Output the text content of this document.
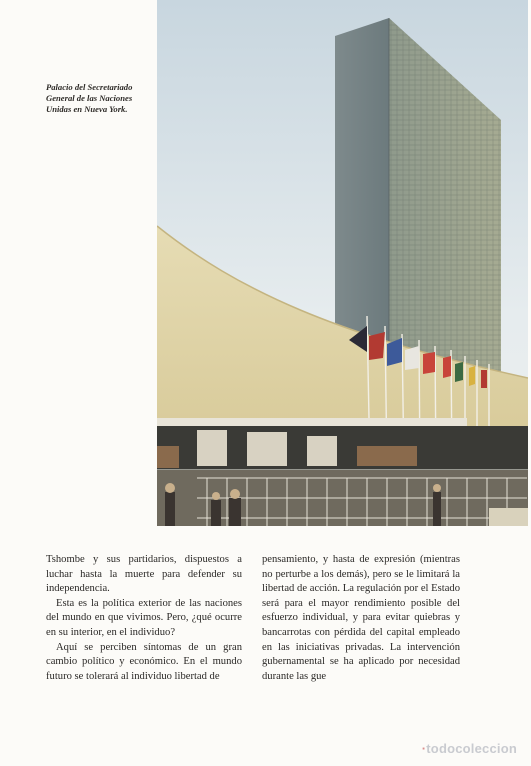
Palacio del Secretariado General de las Naciones Unidas en Nueva York.

Tshombe y sus partidarios, dispuestos a luchar hasta la muerte para defender su independencia.

Esta es la política exterior de las naciones del mundo en que vivimos. Pero, ¿qué ocurre en su interior, en el individuo?

Aquí se perciben síntomas de un gran cambio político y económico. En el mundo futuro se tolerará al individuo libertad de

pensamiento, y hasta de expresión (mientras no perturbe a los demás), pero se le limitará la libertad de acción. La regulación por el Estado será para el mayor rendimiento posible del esfuerzo individual, y para evitar quiebras y bancarrotas con pérdida del capital empleado en las iniciativas privadas. La intervención gubernamental se ha aplicado por necesidad durante las gue

·todocoleccion
